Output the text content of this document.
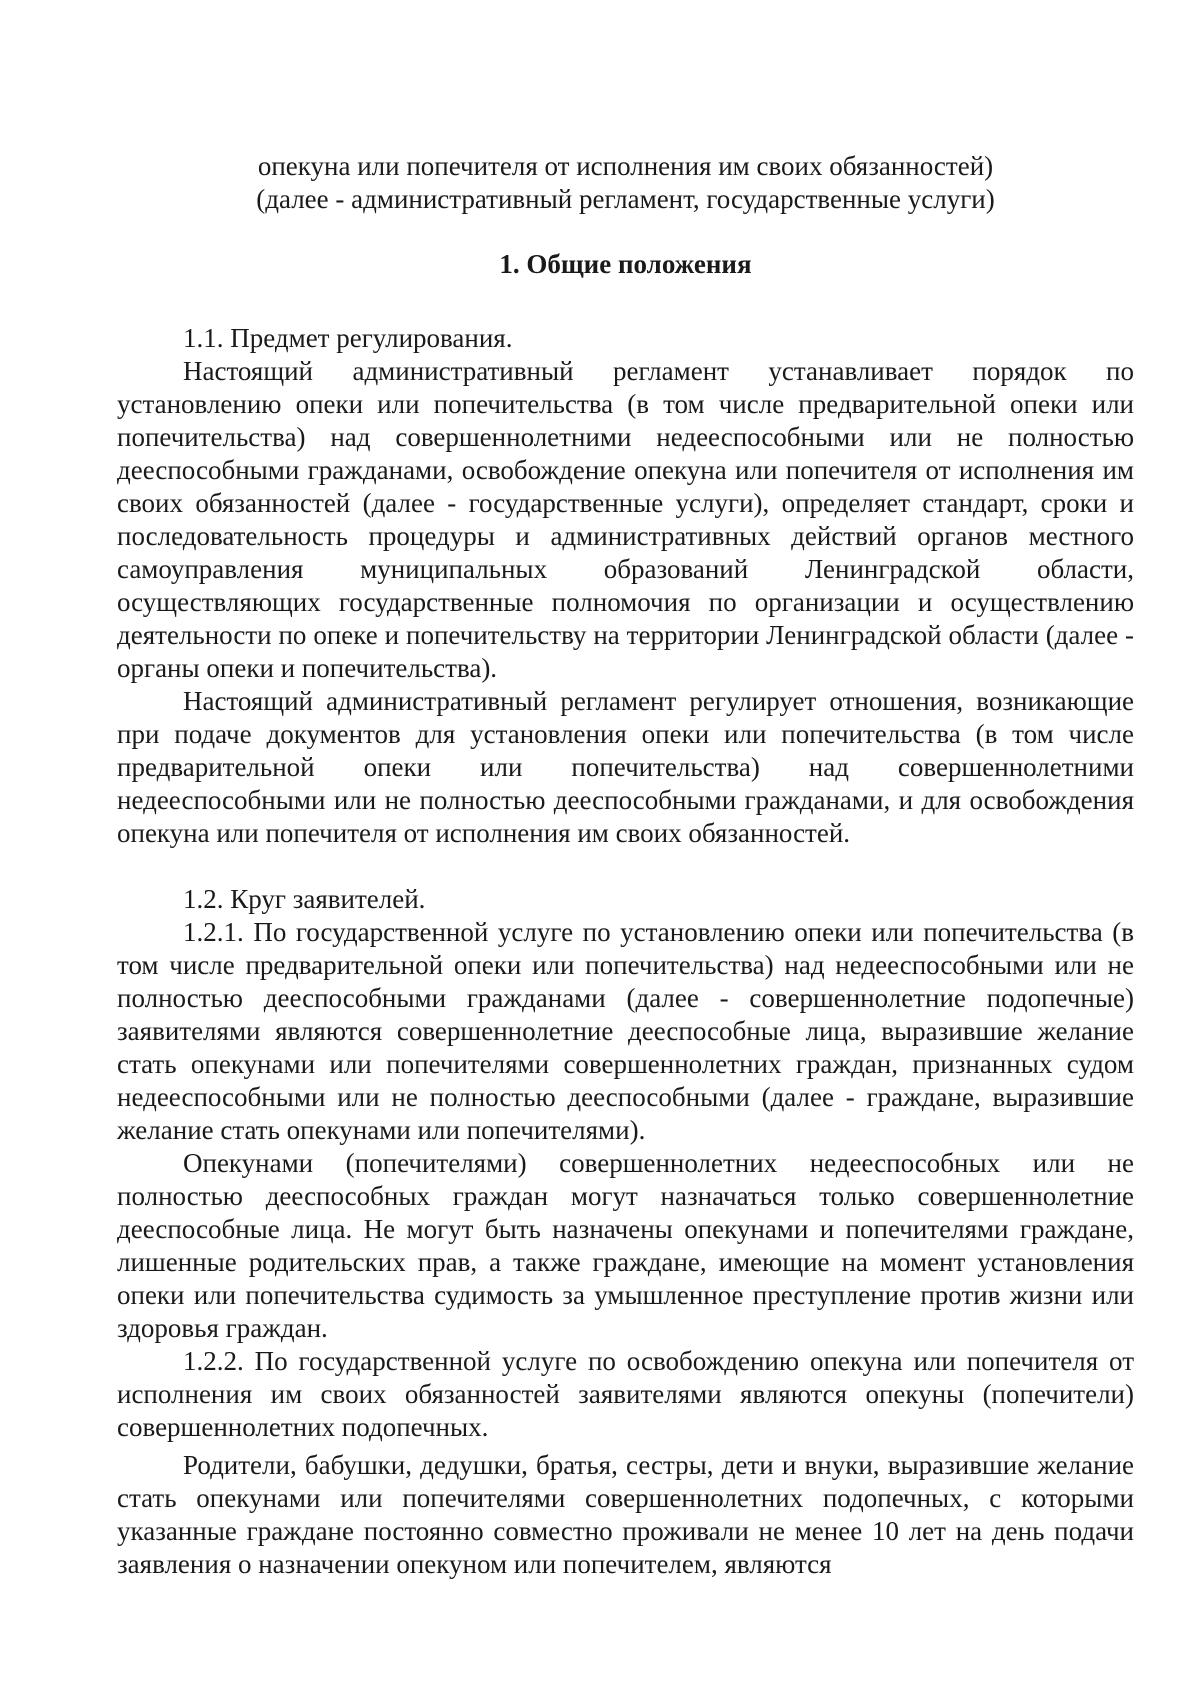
опекуна или попечителя от исполнения им своих обязанностей)

(далее - административный регламент, государственные услуги)

1. Общие положения

1.1. Предмет регулирования.

Настоящий административный регламент устанавливает порядок по установлению опеки или попечительства (в том числе предварительной опеки или попечительства) над совершеннолетними недееспособными или не полностью дееспособными гражданами, освобождение опекуна или попечителя от исполнения им своих обязанностей (далее - государственные услуги), определяет стандарт, сроки и последовательность процедуры и административных действий органов местного самоуправления муниципальных образований Ленинградской области, осуществляющих государственные полномочия по организации и осуществлению деятельности по опеке и попечительству на территории Ленинградской области (далее - органы опеки и попечительства).

Настоящий административный регламент регулирует отношения, возникающие при подаче документов для установления опеки или попечительства (в том числе предварительной опеки или попечительства) над совершеннолетними недееспособными или не полностью дееспособными гражданами, и для освобождения опекуна или попечителя от исполнения им своих обязанностей.

1.2. Круг заявителей.

1.2.1. По государственной услуге по установлению опеки или попечительства (в том числе предварительной опеки или попечительства) над недееспособными или не полностью дееспособными гражданами (далее - совершеннолетние подопечные) заявителями являются совершеннолетние дееспособные лица, выразившие желание стать опекунами или попечителями совершеннолетних граждан, признанных судом недееспособными или не полностью дееспособными (далее - граждане, выразившие желание стать опекунами или попечителями).

Опекунами (попечителями) совершеннолетних недееспособных или не полностью дееспособных граждан могут назначаться только совершеннолетние дееспособные лица. Не могут быть назначены опекунами и попечителями граждане, лишенные родительских прав, а также граждане, имеющие на момент установления опеки или попечительства судимость за умышленное преступление против жизни или здоровья граждан.

1.2.2. По государственной услуге по освобождению опекуна или попечителя от исполнения им своих обязанностей заявителями являются опекуны (попечители) совершеннолетних подопечных.

Родители, бабушки, дедушки, братья, сестры, дети и внуки, выразившие желание стать опекунами или попечителями совершеннолетних подопечных, с которыми указанные граждане постоянно совместно проживали не менее 10 лет на день подачи заявления о назначении опекуном или попечителем, являются
